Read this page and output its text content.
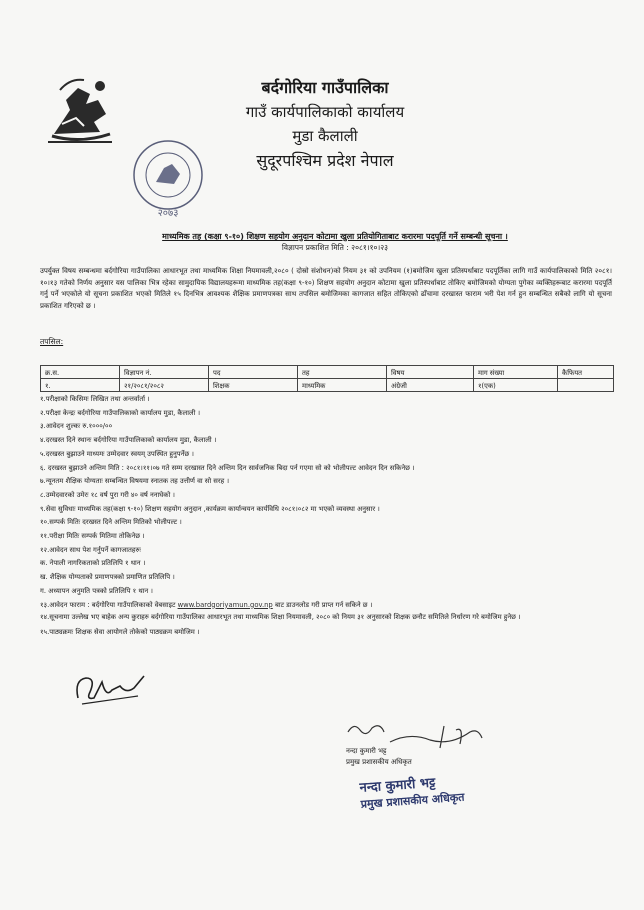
२०७३
बर्दगोरिया गाउँपालिका
गाउँ कार्यपालिकाको कार्यालय
मुडा कैलाली
सुदूरपश्चिम प्रदेश नेपाल
माध्यमिक तह (कक्षा ९-१०) शिक्षण सहयोग अनुदान कोटामा खुला प्रतियोगिताबाट करारमा पदपूर्ति गर्ने सम्बन्धी सूचना ।
विज्ञापन प्रकाशित मिति : २०८१।१०।२३
उपर्युक्त विषय सम्बन्धमा बर्दगोरिया गाउँपालिका आधारभूत तथा माध्यमिक शिक्षा नियमावली,२०८० ( दोस्रो संशोधन)को नियम ३१ को उपनियम (१)बमोजिम खुला प्रतिस्पर्धाबाट पदपूर्तिका लागि गाउँ कार्यपालिकाको मिति २०८१।१०।१३ गतेको निर्णय अनुसार यस पालिका भित्र रहेका सामुदायिक विद्यालयहरूमा माध्यमिक तह(कक्षा ९-१०) शिक्षण सहयोग अनुदान कोटामा खुला प्रतिस्पर्धाबाट तोकिए बमोजिमको योग्यता पुगेका व्यक्तिहरूबाट करारमा पदपूर्ति गर्नु पर्ने भएकोले यो सूचना प्रकाशित भएको मितिले १५ दिनभित्र आवश्यक शैक्षिक प्रमाणपत्रका साथ तपसिल बमोजिमका कागजात सहित तोकिएको ढाँचामा दरखास्त फाराम भरी पेश गर्न हुन सम्बन्धित सबैको लागि यो सूचना प्रकाशित गरिएको छ ।
तपसिल:
क्र.स.	विज्ञापन नं.	पद	तह	विषय	माग संख्या	कैफियत
१.	२१/२०८१/२०८२	शिक्षक	माध्यमिक	अंग्रेजी	१(एक)	
१.परीक्षाको किसिमः लिखित तथा अन्तर्वार्ता ।
२.परीक्षा केन्द्रः बर्दगोरिया गाउँपालिकाको कार्यालय मुडा, कैलाली ।
३.आवेदन शुल्कः रु.१०००/००
४.दरखस्त दिने स्थानः बर्दगोरिया गाउँपालिकाको कार्यालय मुडा, कैलाली ।
५.दरखस्त बुझाउने माध्यमः उम्मेदवार स्वयम् उपस्थित हुनुपर्नेछ ।
६. दरखस्त बुझाउने अन्तिम मिति : २०८१।११।०७ गते सम्म दरखास्त दिने अन्तिम दिन सार्वजनिक बिदा पर्न गएमा सो को भोलीपल्ट आवेदन दिन सकिनेछ ।
७.न्यूनतम शैक्षिक योग्यताः सम्बन्धित विषयमा स्नातक तह उत्तीर्ण वा सो सरह ।
८.उम्मेदवारको उमेरः १८ वर्ष पुरा गरी ४० वर्ष ननाघेको ।
९.सेवा सुविधाः माध्यमिक तह(कक्षा ९-१०) शिक्षण सहयोग अनुदान ,कार्यक्रम कार्यान्वयन कार्यविधि २०८१।०८२ मा भएको व्यवस्था अनुसार ।
१०.सम्पर्क मितिः दरखस्त दिने अन्तिम मितिको भोलीपल्ट ।
११.परीक्षा मितिः सम्पर्क मितिमा तोकिनेछ ।
१२.आवेदन साथ पेश गर्नुपर्ने कागजातहरुः
क. नेपाली नागरिकताको प्रतिलिपि १ थान ।
ख. शैक्षिक योग्यताको प्रमाणपत्रको प्रमाणित प्रतिलिपि ।
ग. अध्यापन अनुमति पत्रको प्रतिलिपि १ थान ।
१३.आवेदन फाराम : बर्दगोरिया गाउँपालिकाको वेबसाइट www.bardgoriyamun.gov.np बाट डाउनलोड गरी प्राप्त गर्न सकिने छ ।
१४.सूचनामा उल्लेख भए बाहेक अन्य कुराहरु बर्दगोरिया गाउँपालिका आधारभूत तथा माध्यमिक शिक्षा नियमावली, २०८० को नियम ३१ अनुसारको शिक्षक छनौट समितिले निर्धारण गरे बमोजिम हुनेछ ।
१५.पाठ्यक्रमः शिक्षक सेवा आयोगले तोकेको पाठ्यक्रम बमोजिम ।
नन्दा कुमारी भट्ट
प्रमुख प्रशासकीय अधिकृत
नन्दा कुमारी भट्ट
प्रमुख प्रशासकीय अधिकृत
